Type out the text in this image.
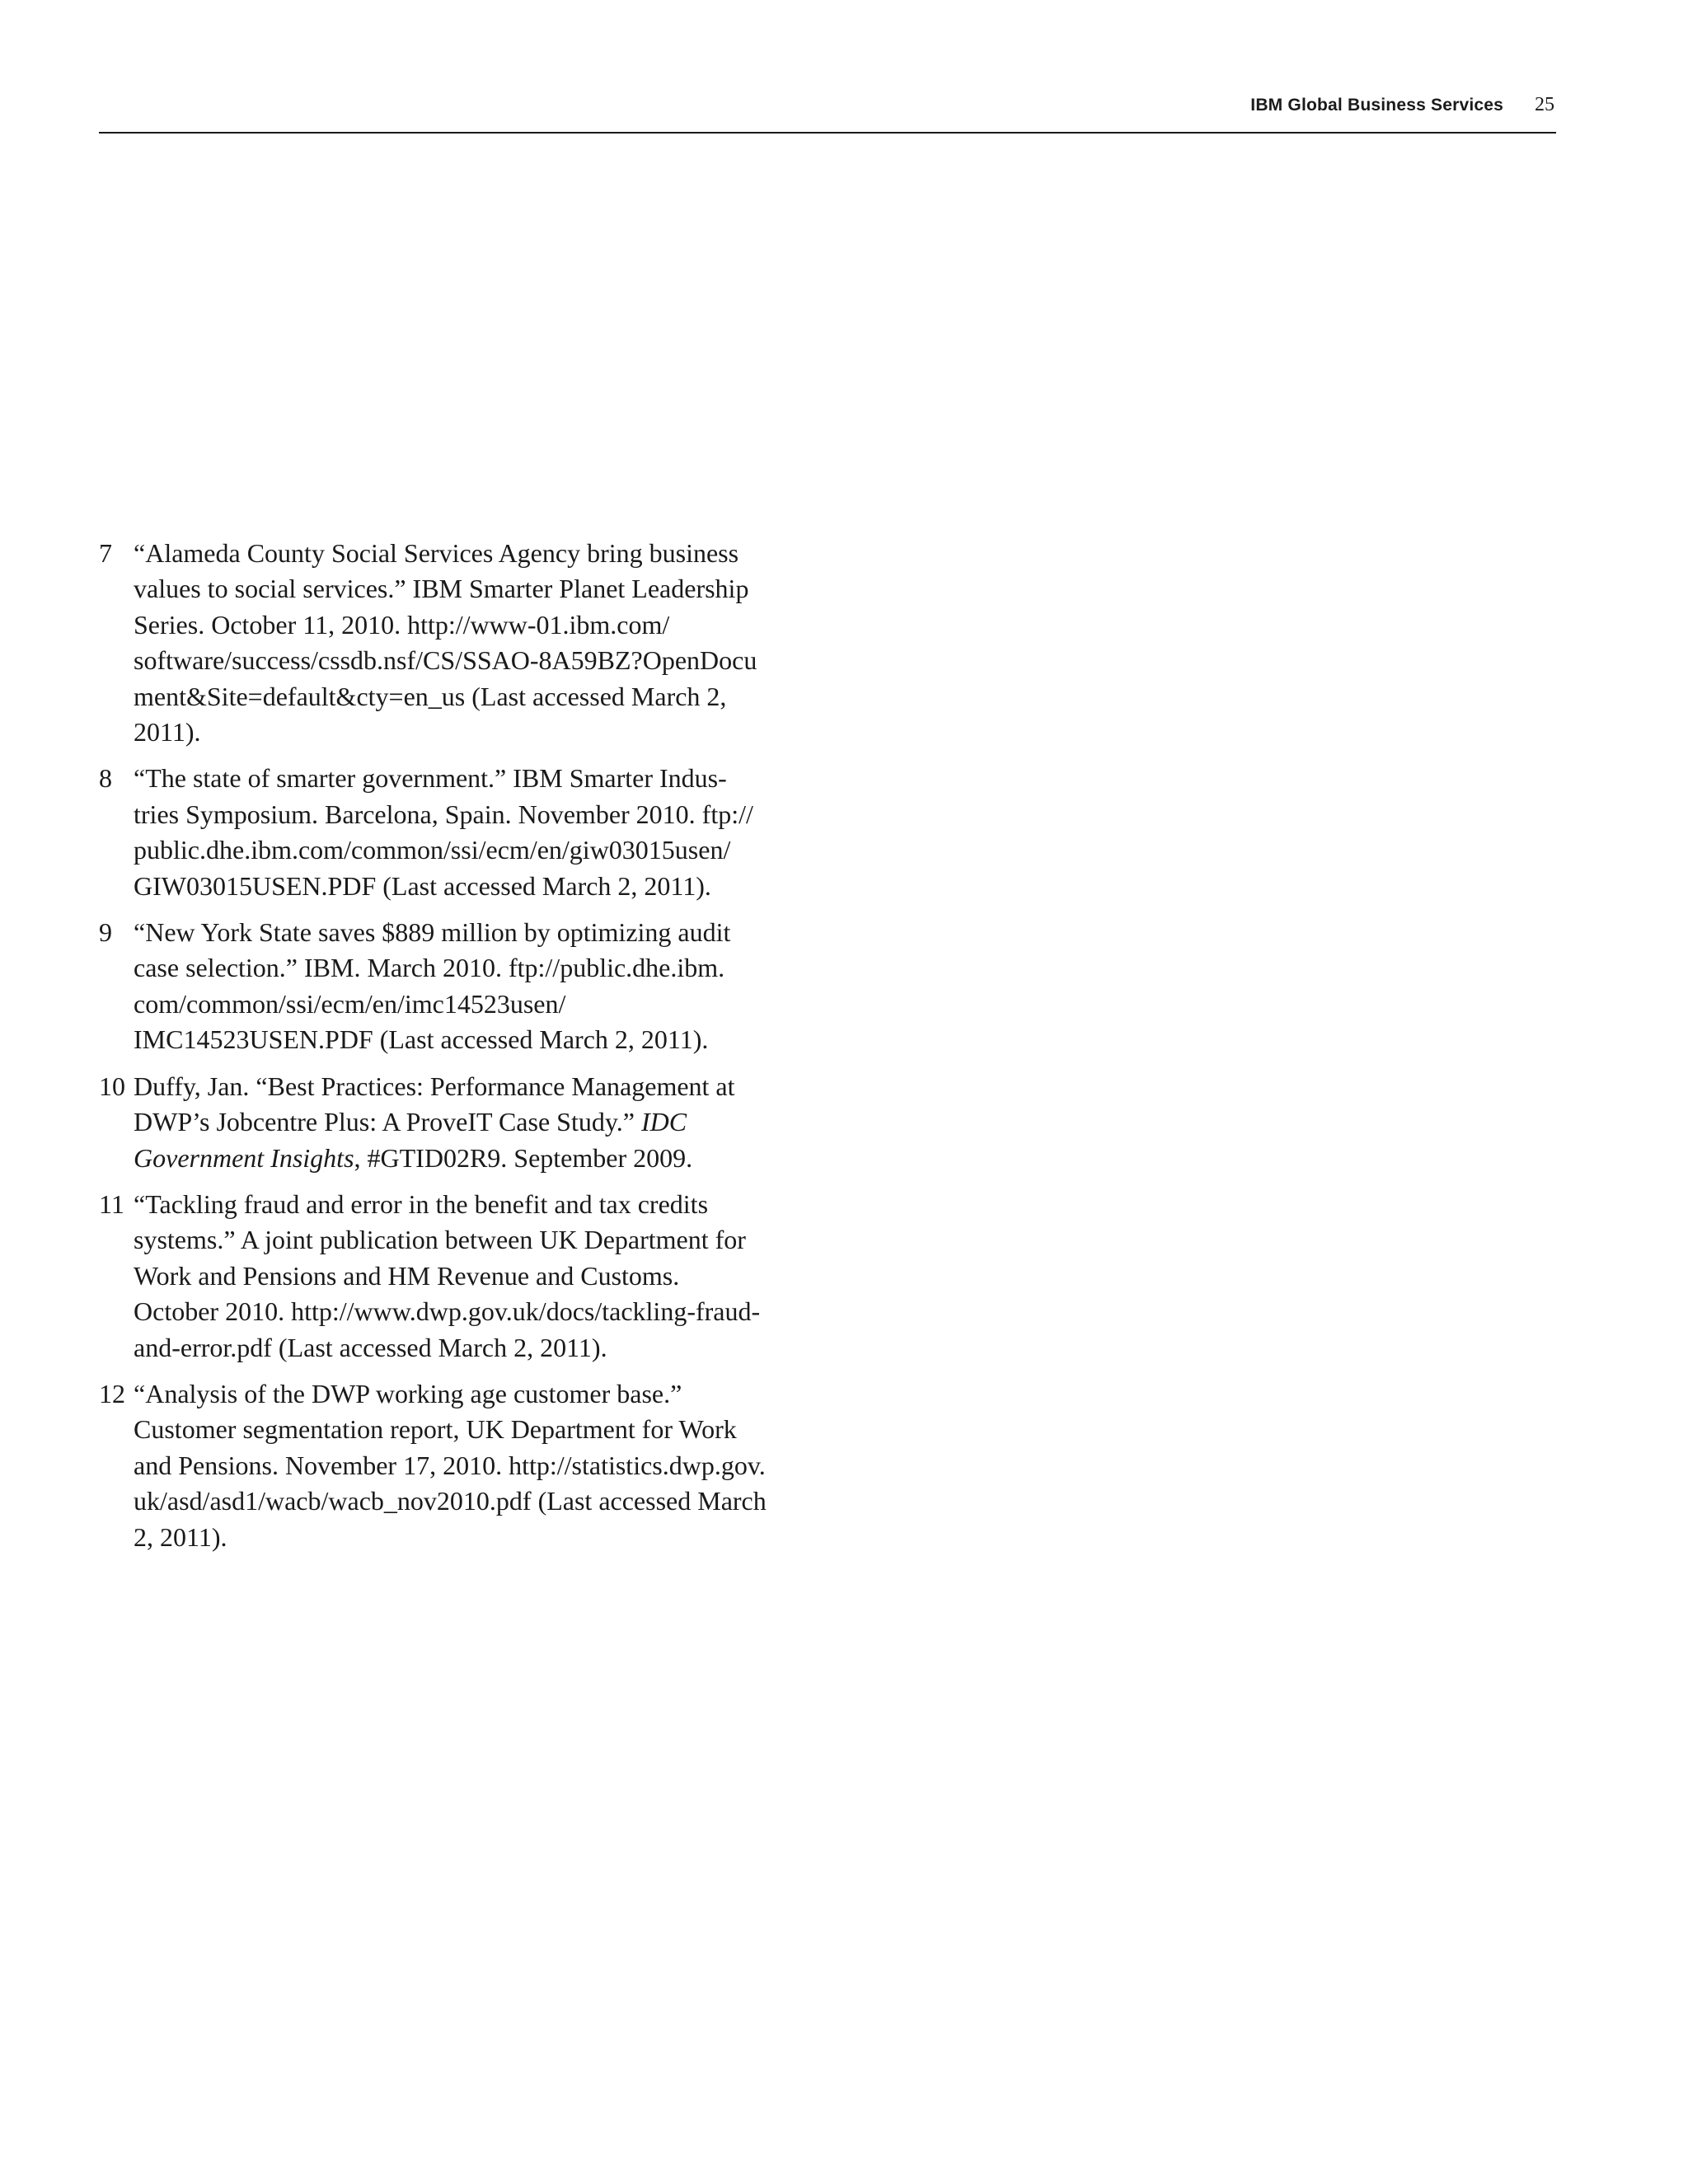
IBM Global Business Services 25
7 “Alameda County Social Services Agency bring business
values to social services.” IBM Smarter Planet Leadership
Series. October 11, 2010. http://www-01.ibm.com/
software/success/cssdb.nsf/CS/SSAO-8A59BZ?OpenDocu
ment&Site=default&cty=en_us (Last accessed March 2,
2011).
8 “The state of smarter government.” IBM Smarter Indus-
tries Symposium. Barcelona, Spain. November 2010. ftp://
public.dhe.ibm.com/common/ssi/ecm/en/giw03015usen/
GIW03015USEN.PDF (Last accessed March 2, 2011).
9 “New York State saves $889 million by optimizing audit
case selection.” IBM. March 2010. ftp://public.dhe.ibm.
com/common/ssi/ecm/en/imc14523usen/
IMC14523USEN.PDF (Last accessed March 2, 2011).
10 Duffy, Jan. “Best Practices: Performance Management at
DWP’s Jobcentre Plus: A ProveIT Case Study.” IDC
Government Insights, #GTID02R9. September 2009.
11 “Tackling fraud and error in the benefit and tax credits
systems.” A joint publication between UK Department for
Work and Pensions and HM Revenue and Customs.
October 2010. http://www.dwp.gov.uk/docs/tackling-fraud-
and-error.pdf (Last accessed March 2, 2011).
12 “Analysis of the DWP working age customer base.”
Customer segmentation report, UK Department for Work
and Pensions. November 17, 2010. http://statistics.dwp.gov.
uk/asd/asd1/wacb/wacb_nov2010.pdf (Last accessed March
2, 2011).
